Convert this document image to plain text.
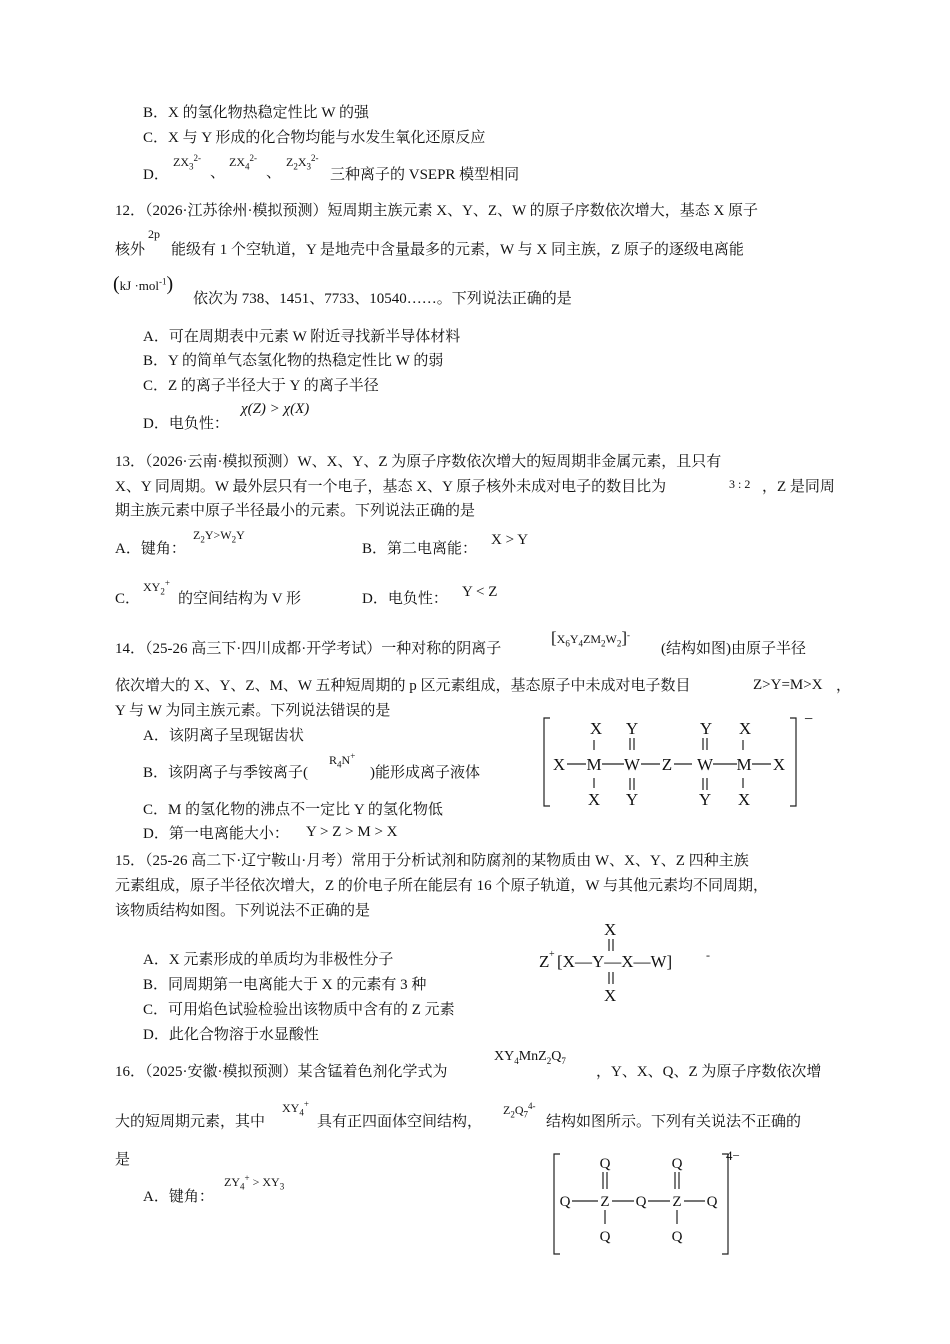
B．X 的氢化物热稳定性比 W 的强
C．X 与 Y 形成的化合物均能与水发生氧化还原反应
D．
$ZX_3^{2-}$
、
$ZX_4^{2-}$
、
$Z_2X_3^{2-}$
三种离子的 VSEPR 模型相同
12．（2026·江苏徐州·模拟预测）短周期主族元素 X、Y、Z、W 的原子序数依次增大，基态 X 原子
核外
2p
能级有 1 个空轨道，Y 是地壳中含量最多的元素，W 与 X 同主族，Z 原子的逐级电离能
(kJ ·mol$^{-1}$)
依次为 738、1451、7733、10540……。下列说法正确的是
A．可在周期表中元素 W 附近寻找新半导体材料
B．Y 的简单气态氢化物的热稳定性比 W 的弱
C．Z 的离子半径大于 Y 的离子半径
D．电负性：
χ(Z) > χ(X)
13．（2026·云南·模拟预测）W、X、Y、Z 为原子序数依次增大的短周期非金属元素，且只有
X、Y 同周期。W 最外层只有一个电子，基态 X、Y 原子核外未成对电子的数目比为	3 : 2 ，Z 是同周
期主族元素中原子半径最小的元素。下列说法正确的是
A．键角：
$Z_2Y>W_2Y$
B．第二电离能：
X > Y
C．
$XY_2^+$
的空间结构为 V 形	D．电负性： Y < Z
14．（25-26 高三下·四川成都·开学考试）一种对称的阴离子
$[X_6Y_4ZM_2W_2]^-$
(结构如图)由原子半径
依次增大的 X、Y、Z、M、W 五种短周期的 p 区元素组成，基态原子中未成对电子数目	Z>Y=M>X ，
Y 与 W 为同主族元素。下列说法错误的是
A．该阴离子呈现锯齿状
B．该阴离子与季铵离子(
$R_4N^+$
)能形成离子液体
C．M 的氢化物的沸点不一定比 Y 的氢化物低
D．第一电离能大小： Y > Z > M > X
X M W Z W M X
X Y	Y X
X Y	Y X
−
15．（25-26 高二下·辽宁鞍山·月考）常用于分析试剂和防腐剂的某物质由 W、X、Y、Z 四种主族
元素组成，原子半径依次增大，Z 的价电子所在能层有 16 个原子轨道，W 与其他元素均不同周期，
该物质结构如图。下列说法不正确的是
A．X 元素形成的单质均为非极性分子
B．同周期第一电离能大于 X 的元素有 3 种
C．可用焰色试验检验出该物质中含有的 Z 元素
D．此化合物溶于水显酸性
X
Z + [X—Y—X—W]	-
X
16．（2025·安徽·模拟预测）某含锰着色剂化学式为
$XY_4MnZ_2Q_7$
，Y、X、Q、Z 为原子序数依次增
大的短周期元素，其中
$XY_4^+$
具有正四面体空间结构，
$Z_2Q_7^{4-}$
结构如图所示。下列有关说法不正确的
是
A．键角：
$ZY_4^+ > XY_3$
Q	Q
Q Z Q Z Q
Q	Q
4−
